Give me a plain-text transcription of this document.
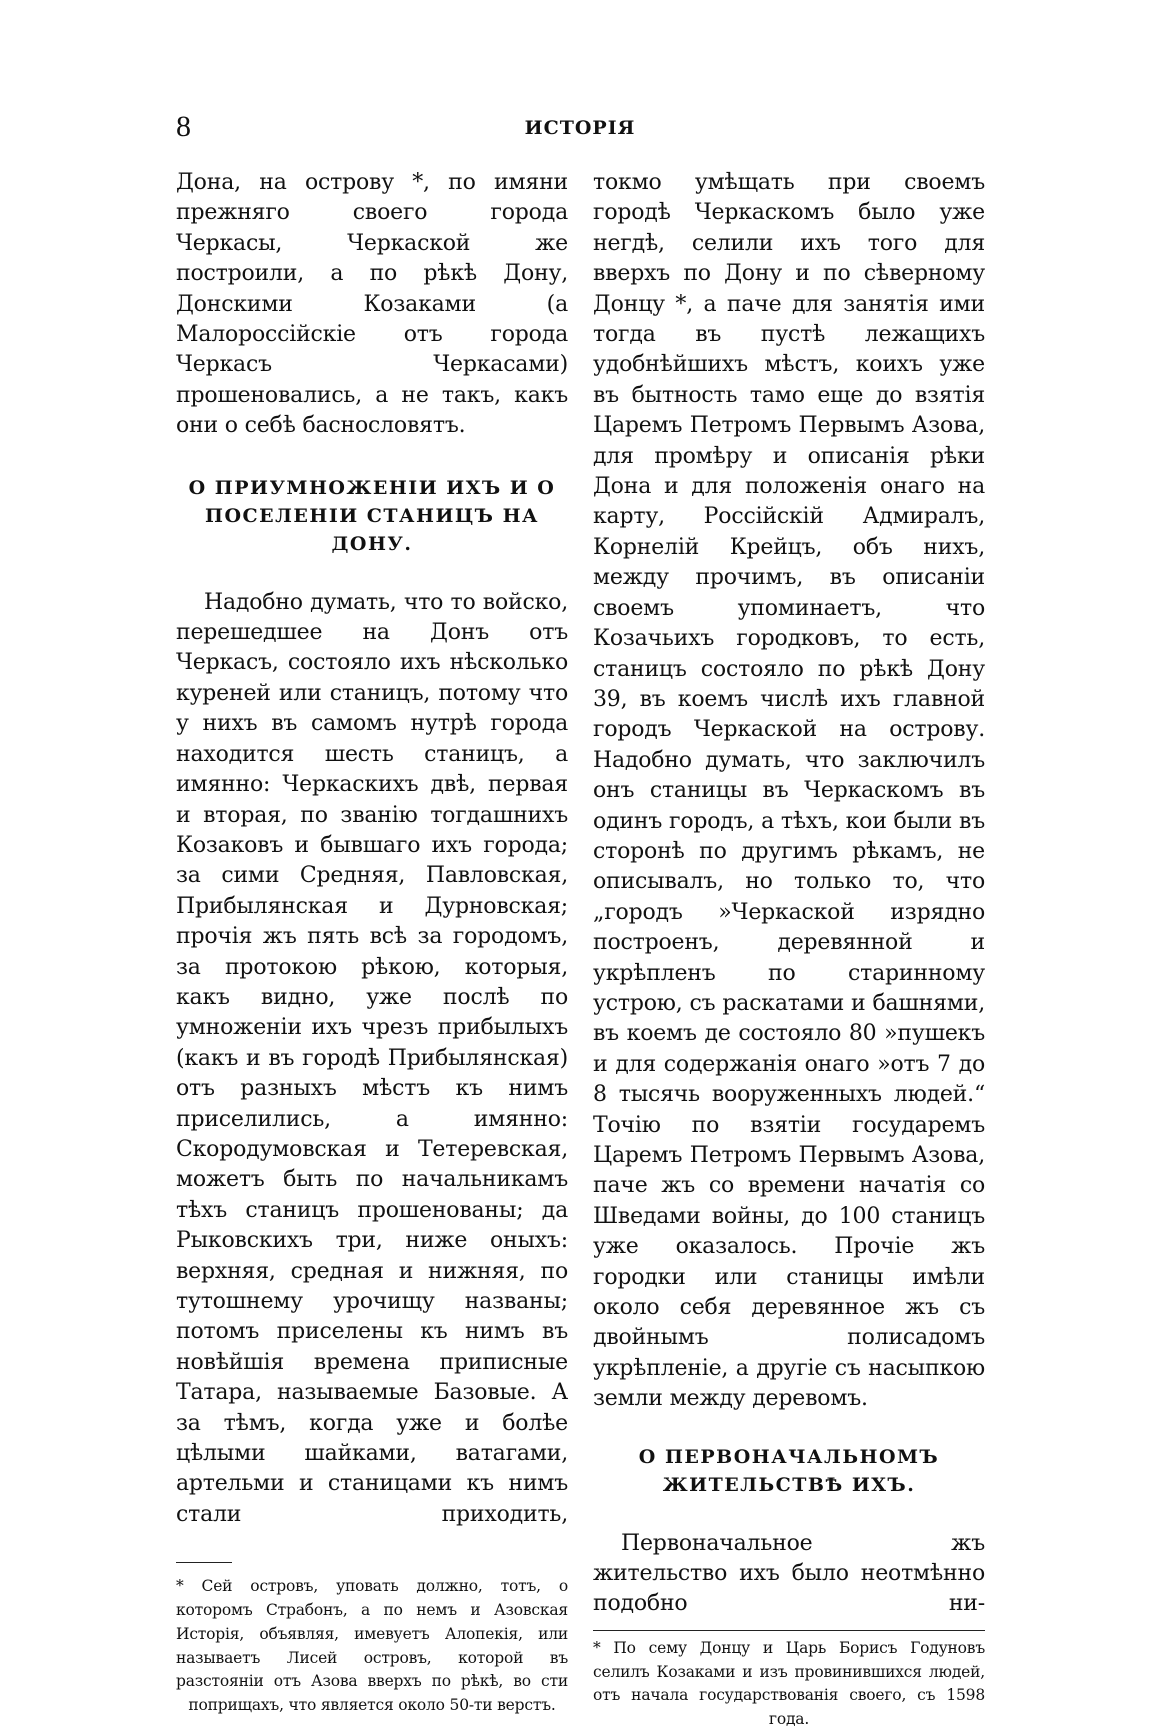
8	ИСТОРІЯ

Дона, на острову *, по имяни прежняго своего города Черкасы, Черкаской же построили, а по рѣкѣ Дону, Донскими Козаками (а Малороссійскіе отъ города Черкасъ Черкасами) прошеновались, а не такъ, какъ они о себѣ баснословятъ.

О ПРИУМНОЖЕНІИ ИХЪ И О ПОСЕЛЕНІИ СТАНИЦЪ НА ДОНУ.

Надобно думать, что то войско, перешедшее на Донъ отъ Черкасъ, состояло ихъ нѣсколько куреней или станицъ, потому что у нихъ въ самомъ нутрѣ города находится шесть станицъ, а имянно: Черкаскихъ двѣ, первая и вторая, по званію тогдашнихъ Козаковъ и бывшаго ихъ города; за сими Средняя, Павловская, Прибылянская и Дурновская; прочія жъ пять всѣ за городомъ, за протокою рѣкою, которыя, какъ видно, уже послѣ по умноженіи ихъ чрезъ прибылыхъ (какъ и въ городѣ Прибылянская) отъ разныхъ мѣстъ къ нимъ приселились, а имянно: Скородумовская и Тетеревская, можетъ быть по начальникамъ тѣхъ станицъ прошенованы; да Рыковскихъ три, ниже оныхъ: верхняя, средная и нижняя, по тутошнему урочищу названы; потомъ приселены къ нимъ въ новѣйшія времена приписные Татара, называемые Базовые. А за тѣмъ, когда уже и болѣе цѣлыми шайками, ватагами, артельми и станицами къ нимъ стали приходить,

* Сей островъ, уповать должно, тотъ, о которомъ Страбонъ, а по немъ и Азовская Исторія, объявляя, имевуетъ Алопекія, или называетъ Лисей островъ, которой въ разстояніи отъ Азова вверхъ по рѣкѣ, во сти поприщахъ, что является около 50-ти верстъ.

токмо умѣщать при своемъ городѣ Черкаскомъ было уже негдѣ, селили ихъ того для вверхъ по Дону и по сѣверному Донцу *, а паче для занятія ими тогда въ пустѣ лежащихъ удобнѣйшихъ мѣстъ, коихъ уже въ бытность тамо еще до взятія Царемъ Петромъ Первымъ Азова, для промѣру и описанія рѣки Дона и для положенія онаго на карту, Россійскій Адмиралъ, Корнелій Крейцъ, объ нихъ, между прочимъ, въ описаніи своемъ упоминаетъ, что Козачьихъ городковъ, то есть, станицъ состояло по рѣкѣ Дону 39, въ коемъ числѣ ихъ главной городъ Черкаской на острову. Надобно думать, что заключилъ онъ станицы въ Черкаскомъ въ одинъ городъ, а тѣхъ, кои были въ сторонѣ по другимъ рѣкамъ, не описывалъ, но только то, что „городъ »Черкаской изрядно построенъ, деревянной и укрѣпленъ по старинному устрою, съ раскатами и башнями, въ коемъ де состояло 80 »пушекъ и для содержанія онаго »отъ 7 до 8 тысячь вооруженныхъ людей.“ Точію по взятіи государемъ Царемъ Петромъ Первымъ Азова, паче жъ со времени начатія со Шведами войны, до 100 станицъ уже оказалось. Прочіе жъ городки или станицы имѣли около себя деревянное жъ съ двойнымъ полисадомъ укрѣпленіе, а другіе съ насыпкою земли между деревомъ.

О ПЕРВОНАЧАЛЬНОМЪ ЖИТЕЛЬСТВѢ ИХЪ.

Первоначальное жъ жительство ихъ было неотмѣнно подобно ни-

* По сему Донцу и Царь Борисъ Годуновъ селилъ Козаками и изъ провинившихся людей, отъ начала государствованія своего, съ 1598 года.
